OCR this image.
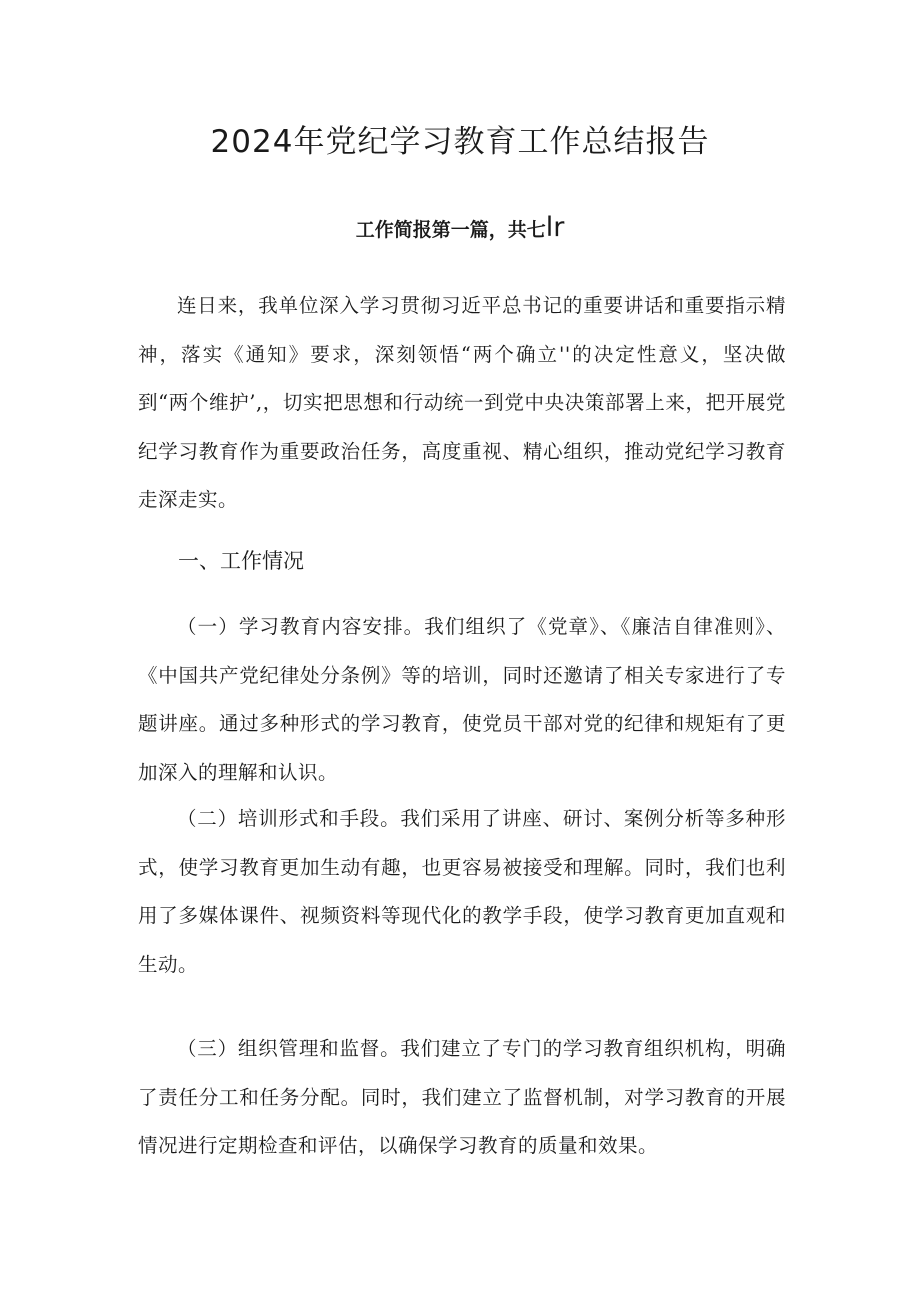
2024年党纪学习教育工作总结报告

工作简报第一篇，共七lr

连日来，我单位深入学习贯彻习近平总书记的重要讲话和重要指示精神，落实《通知》要求，深刻领悟“两个确立''的决定性意义，坚决做到“两个维护’,，切实把思想和行动统一到党中央决策部署上来，把开展党纪学习教育作为重要政治任务，高度重视、精心组织，推动党纪学习教育走深走实。

一、工作情况

（一）学习教育内容安排。我们组织了《党章》、《廉洁自律准则》、《中国共产党纪律处分条例》等的培训，同时还邀请了相关专家进行了专题讲座。通过多种形式的学习教育，使党员干部对党的纪律和规矩有了更加深入的理解和认识。

（二）培训形式和手段。我们采用了讲座、研讨、案例分析等多种形式，使学习教育更加生动有趣，也更容易被接受和理解。同时，我们也利用了多媒体课件、视频资料等现代化的教学手段，使学习教育更加直观和生动。

（三）组织管理和监督。我们建立了专门的学习教育组织机构，明确了责任分工和任务分配。同时，我们建立了监督机制，对学习教育的开展情况进行定期检查和评估，以确保学习教育的质量和效果。
